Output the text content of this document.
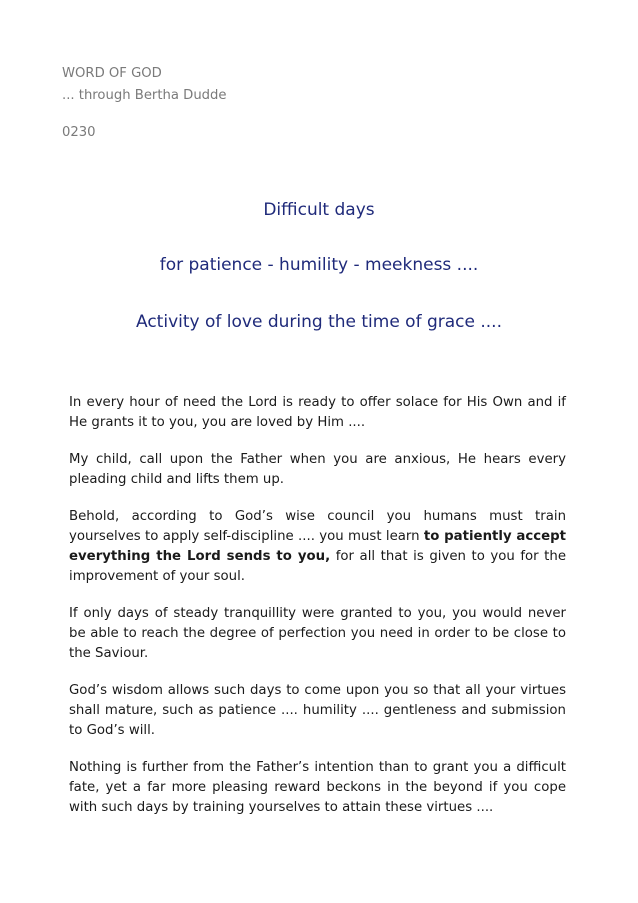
WORD OF GOD
... through Bertha Dudde
0230
Difficult days
for patience - humility - meekness ....
Activity of love during the time of grace ....

In every hour of need the Lord is ready to offer solace for His Own and if He grants it to you, you are loved by Him ....

My child, call upon the Father when you are anxious, He hears every pleading child and lifts them up.

Behold, according to God’s wise council you humans must train yourselves to apply self-discipline .... you must learn to patiently accept everything the Lord sends to you, for all that is given to you for the improvement of your soul.

If only days of steady tranquillity were granted to you, you would never be able to reach the degree of perfection you need in order to be close to the Saviour.

God’s wisdom allows such days to come upon you so that all your virtues shall mature, such as patience .... humility .... gentleness and submission to God’s will.

Nothing is further from the Father’s intention than to grant you a difficult fate, yet a far more pleasing reward beckons in the beyond if you cope with such days by training yourselves to attain these virtues ....
